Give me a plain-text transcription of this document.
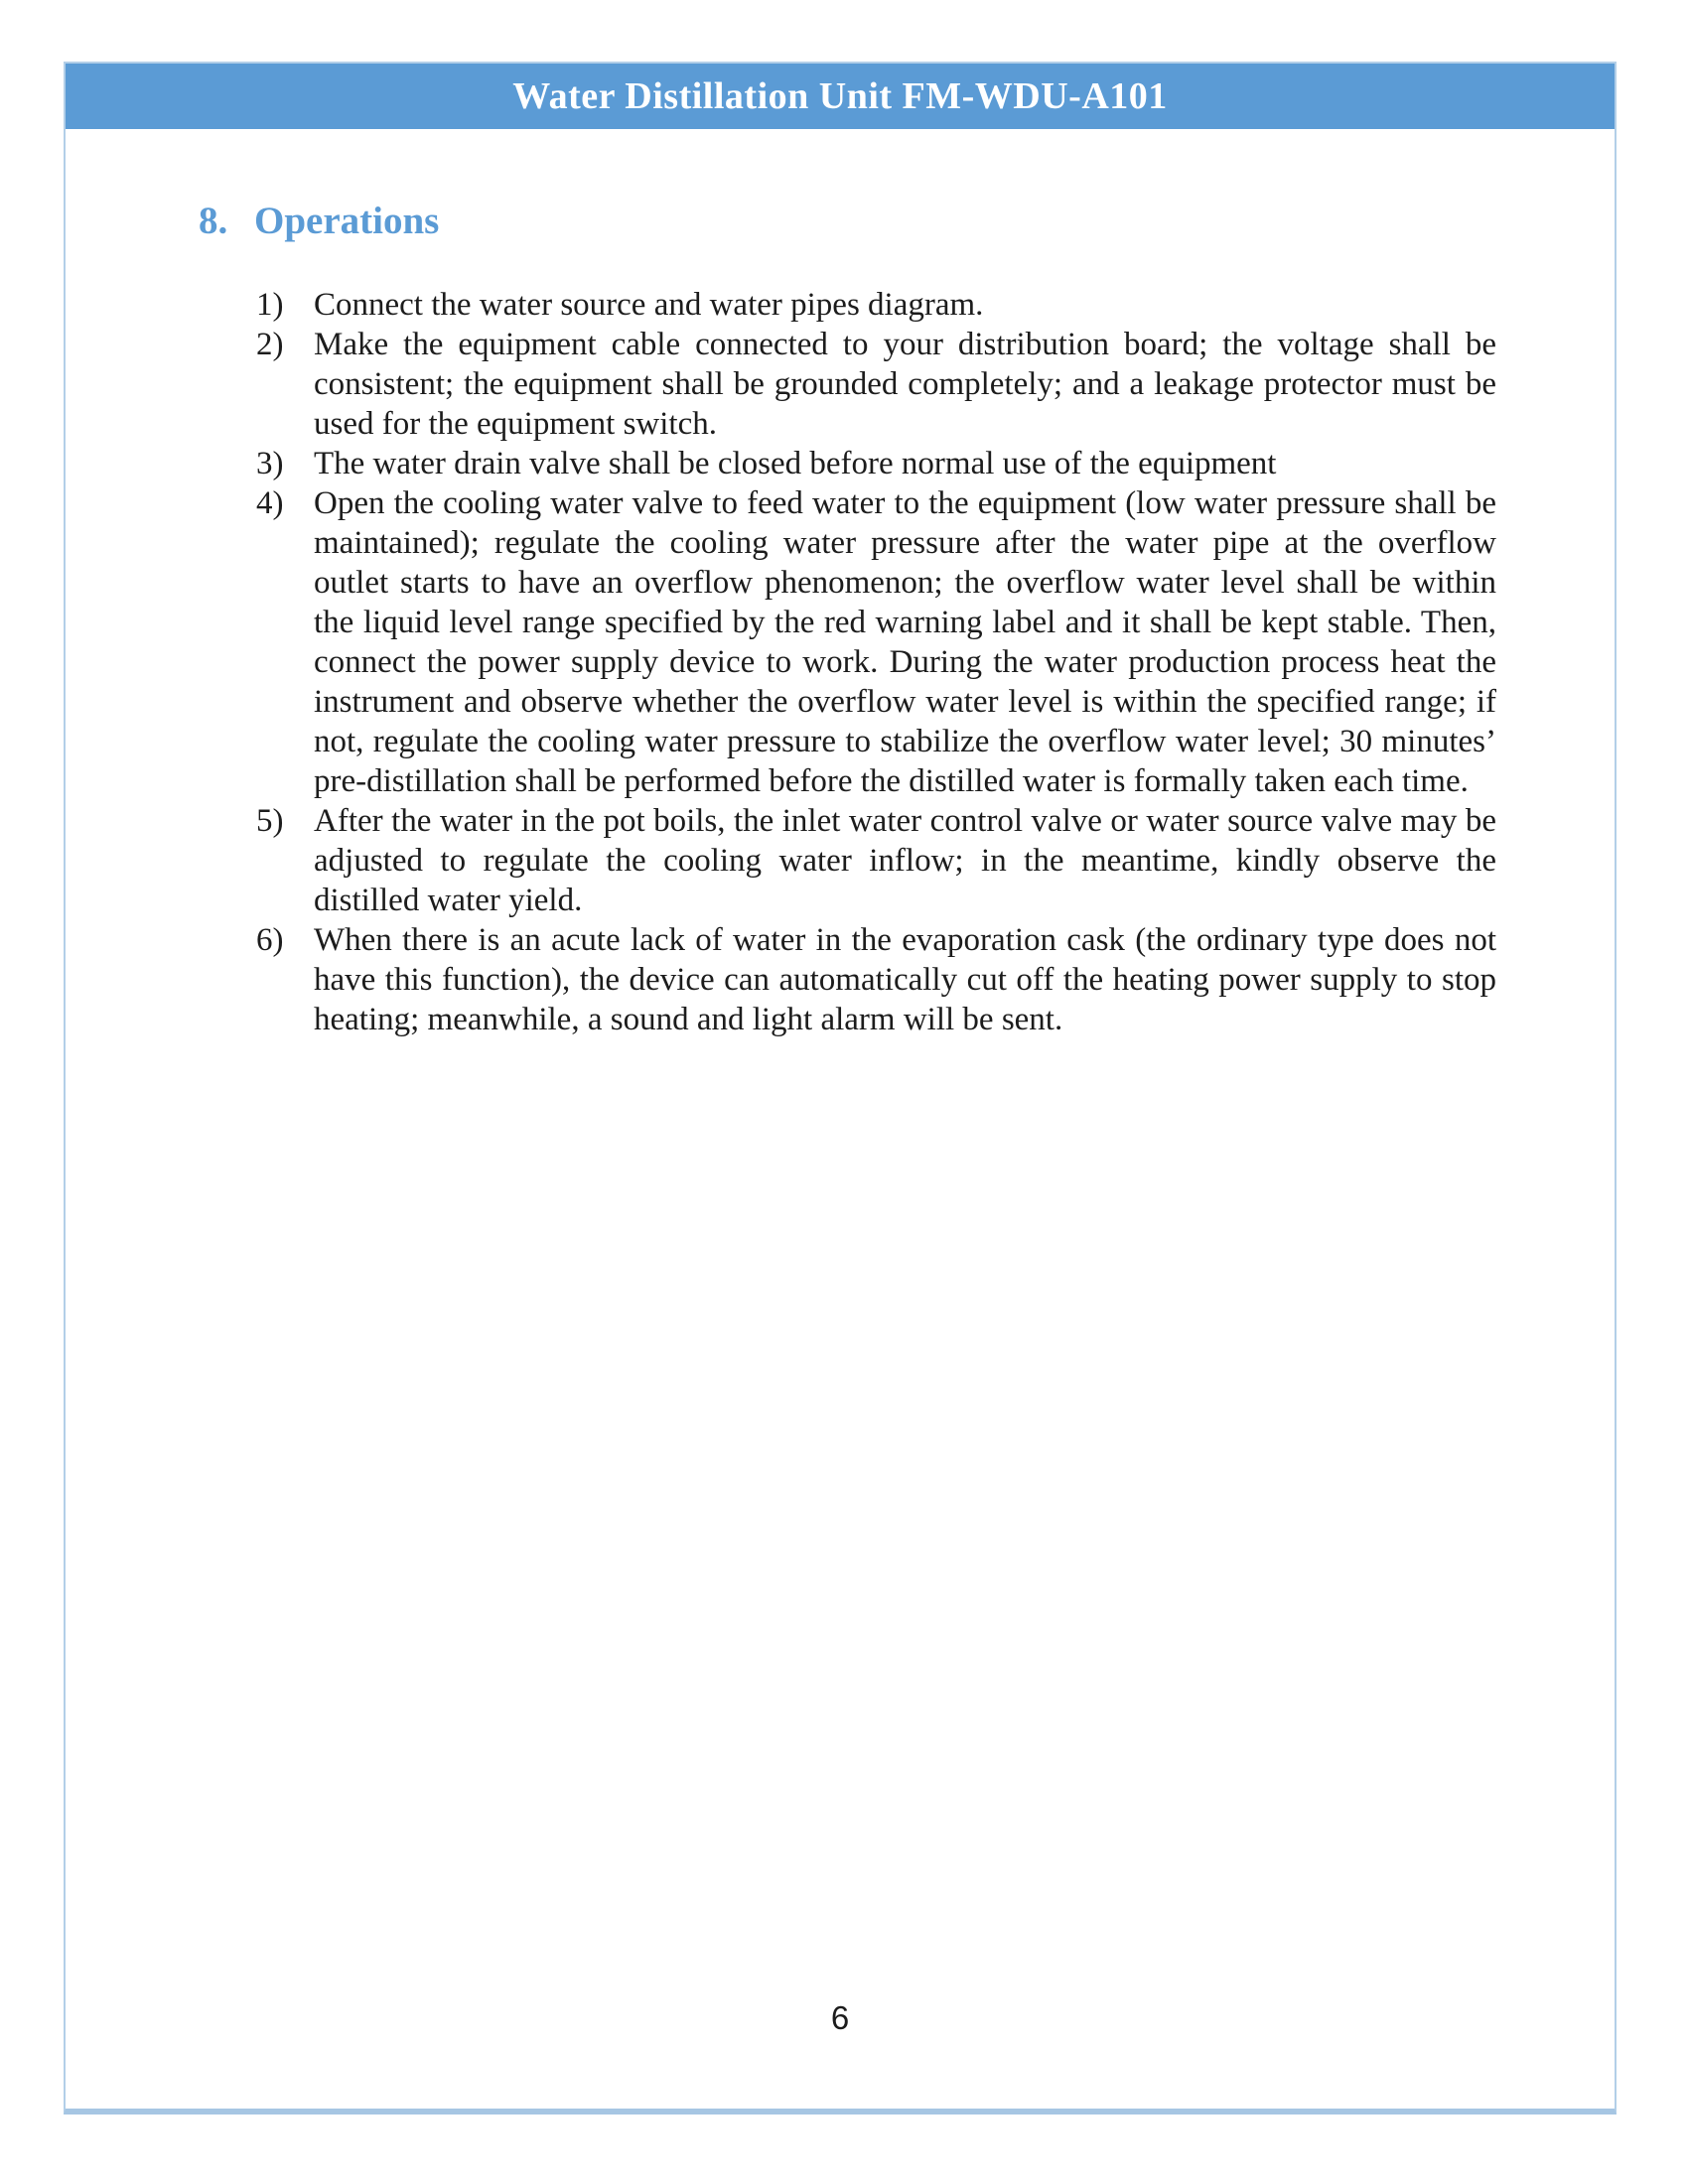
Water Distillation Unit FM-WDU-A101
8. Operations
1) Connect the water source and water pipes diagram.
2) Make the equipment cable connected to your distribution board; the voltage shall be consistent; the equipment shall be grounded completely; and a leakage protector must be used for the equipment switch.
3) The water drain valve shall be closed before normal use of the equipment
4) Open the cooling water valve to feed water to the equipment (low water pressure shall be maintained); regulate the cooling water pressure after the water pipe at the overflow outlet starts to have an overflow phenomenon; the overflow water level shall be within the liquid level range specified by the red warning label and it shall be kept stable. Then, connect the power supply device to work. During the water production process heat the instrument and observe whether the overflow water level is within the specified range; if not, regulate the cooling water pressure to stabilize the overflow water level; 30 minutes’ pre-distillation shall be performed before the distilled water is formally taken each time.
5) After the water in the pot boils, the inlet water control valve or water source valve may be adjusted to regulate the cooling water inflow; in the meantime, kindly observe the distilled water yield.
6) When there is an acute lack of water in the evaporation cask (the ordinary type does not have this function), the device can automatically cut off the heating power supply to stop heating; meanwhile, a sound and light alarm will be sent.
6
